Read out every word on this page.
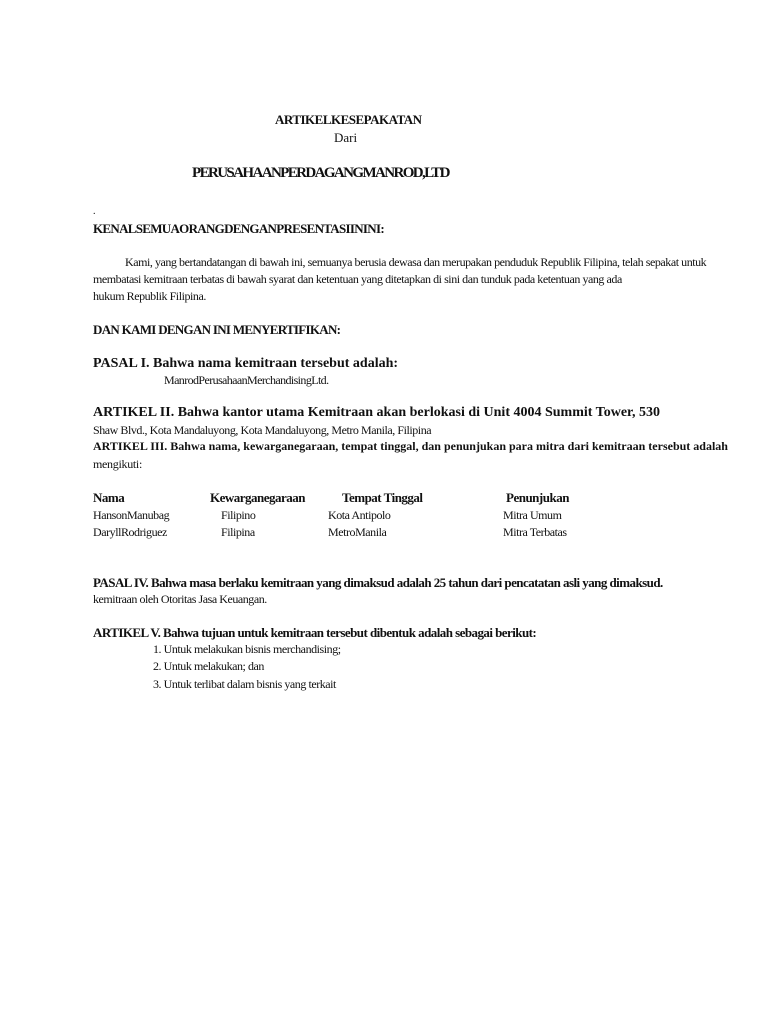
ARTIKELKESEPAKATAN
Dari
PERUSAHAANPERDAGANGMANROD,LTD
.
KENALSEMUAORANGDENGANPRESENTASIININI:
Kami, yang bertandatangan di bawah ini, semuanya berusia dewasa dan merupakan penduduk Republik Filipina, telah sepakat untuk
membatasi kemitraan terbatas di bawah syarat dan ketentuan yang ditetapkan di sini dan tunduk pada ketentuan yang ada
hukum Republik Filipina.
DAN KAMI DENGAN INI MENYERTIFIKAN:
PASAL I. Bahwa nama kemitraan tersebut adalah:
ManrodPerusahaanMerchandisingLtd.
ARTIKEL II. Bahwa kantor utama Kemitraan akan berlokasi di Unit 4004 Summit Tower, 530
Shaw Blvd., Kota Mandaluyong, Kota Mandaluyong, Metro Manila, Filipina
ARTIKEL III. Bahwa nama, kewarganegaraan, tempat tinggal, dan penunjukan para mitra dari kemitraan tersebut adalah
mengikuti:
Nama	Kewarganegaraan	Tempat Tinggal	Penunjukan
HansonManubag	Filipino	Kota Antipolo	Mitra Umum
DaryllRodriguez	Filipina	MetroManila	Mitra Terbatas
PASAL IV. Bahwa masa berlaku kemitraan yang dimaksud adalah 25 tahun dari pencatatan asli yang dimaksud.
kemitraan oleh Otoritas Jasa Keuangan.
ARTIKEL V. Bahwa tujuan untuk kemitraan tersebut dibentuk adalah sebagai berikut:
1. Untuk melakukan bisnis merchandising;
2. Untuk melakukan; dan
3. Untuk terlibat dalam bisnis yang terkait
